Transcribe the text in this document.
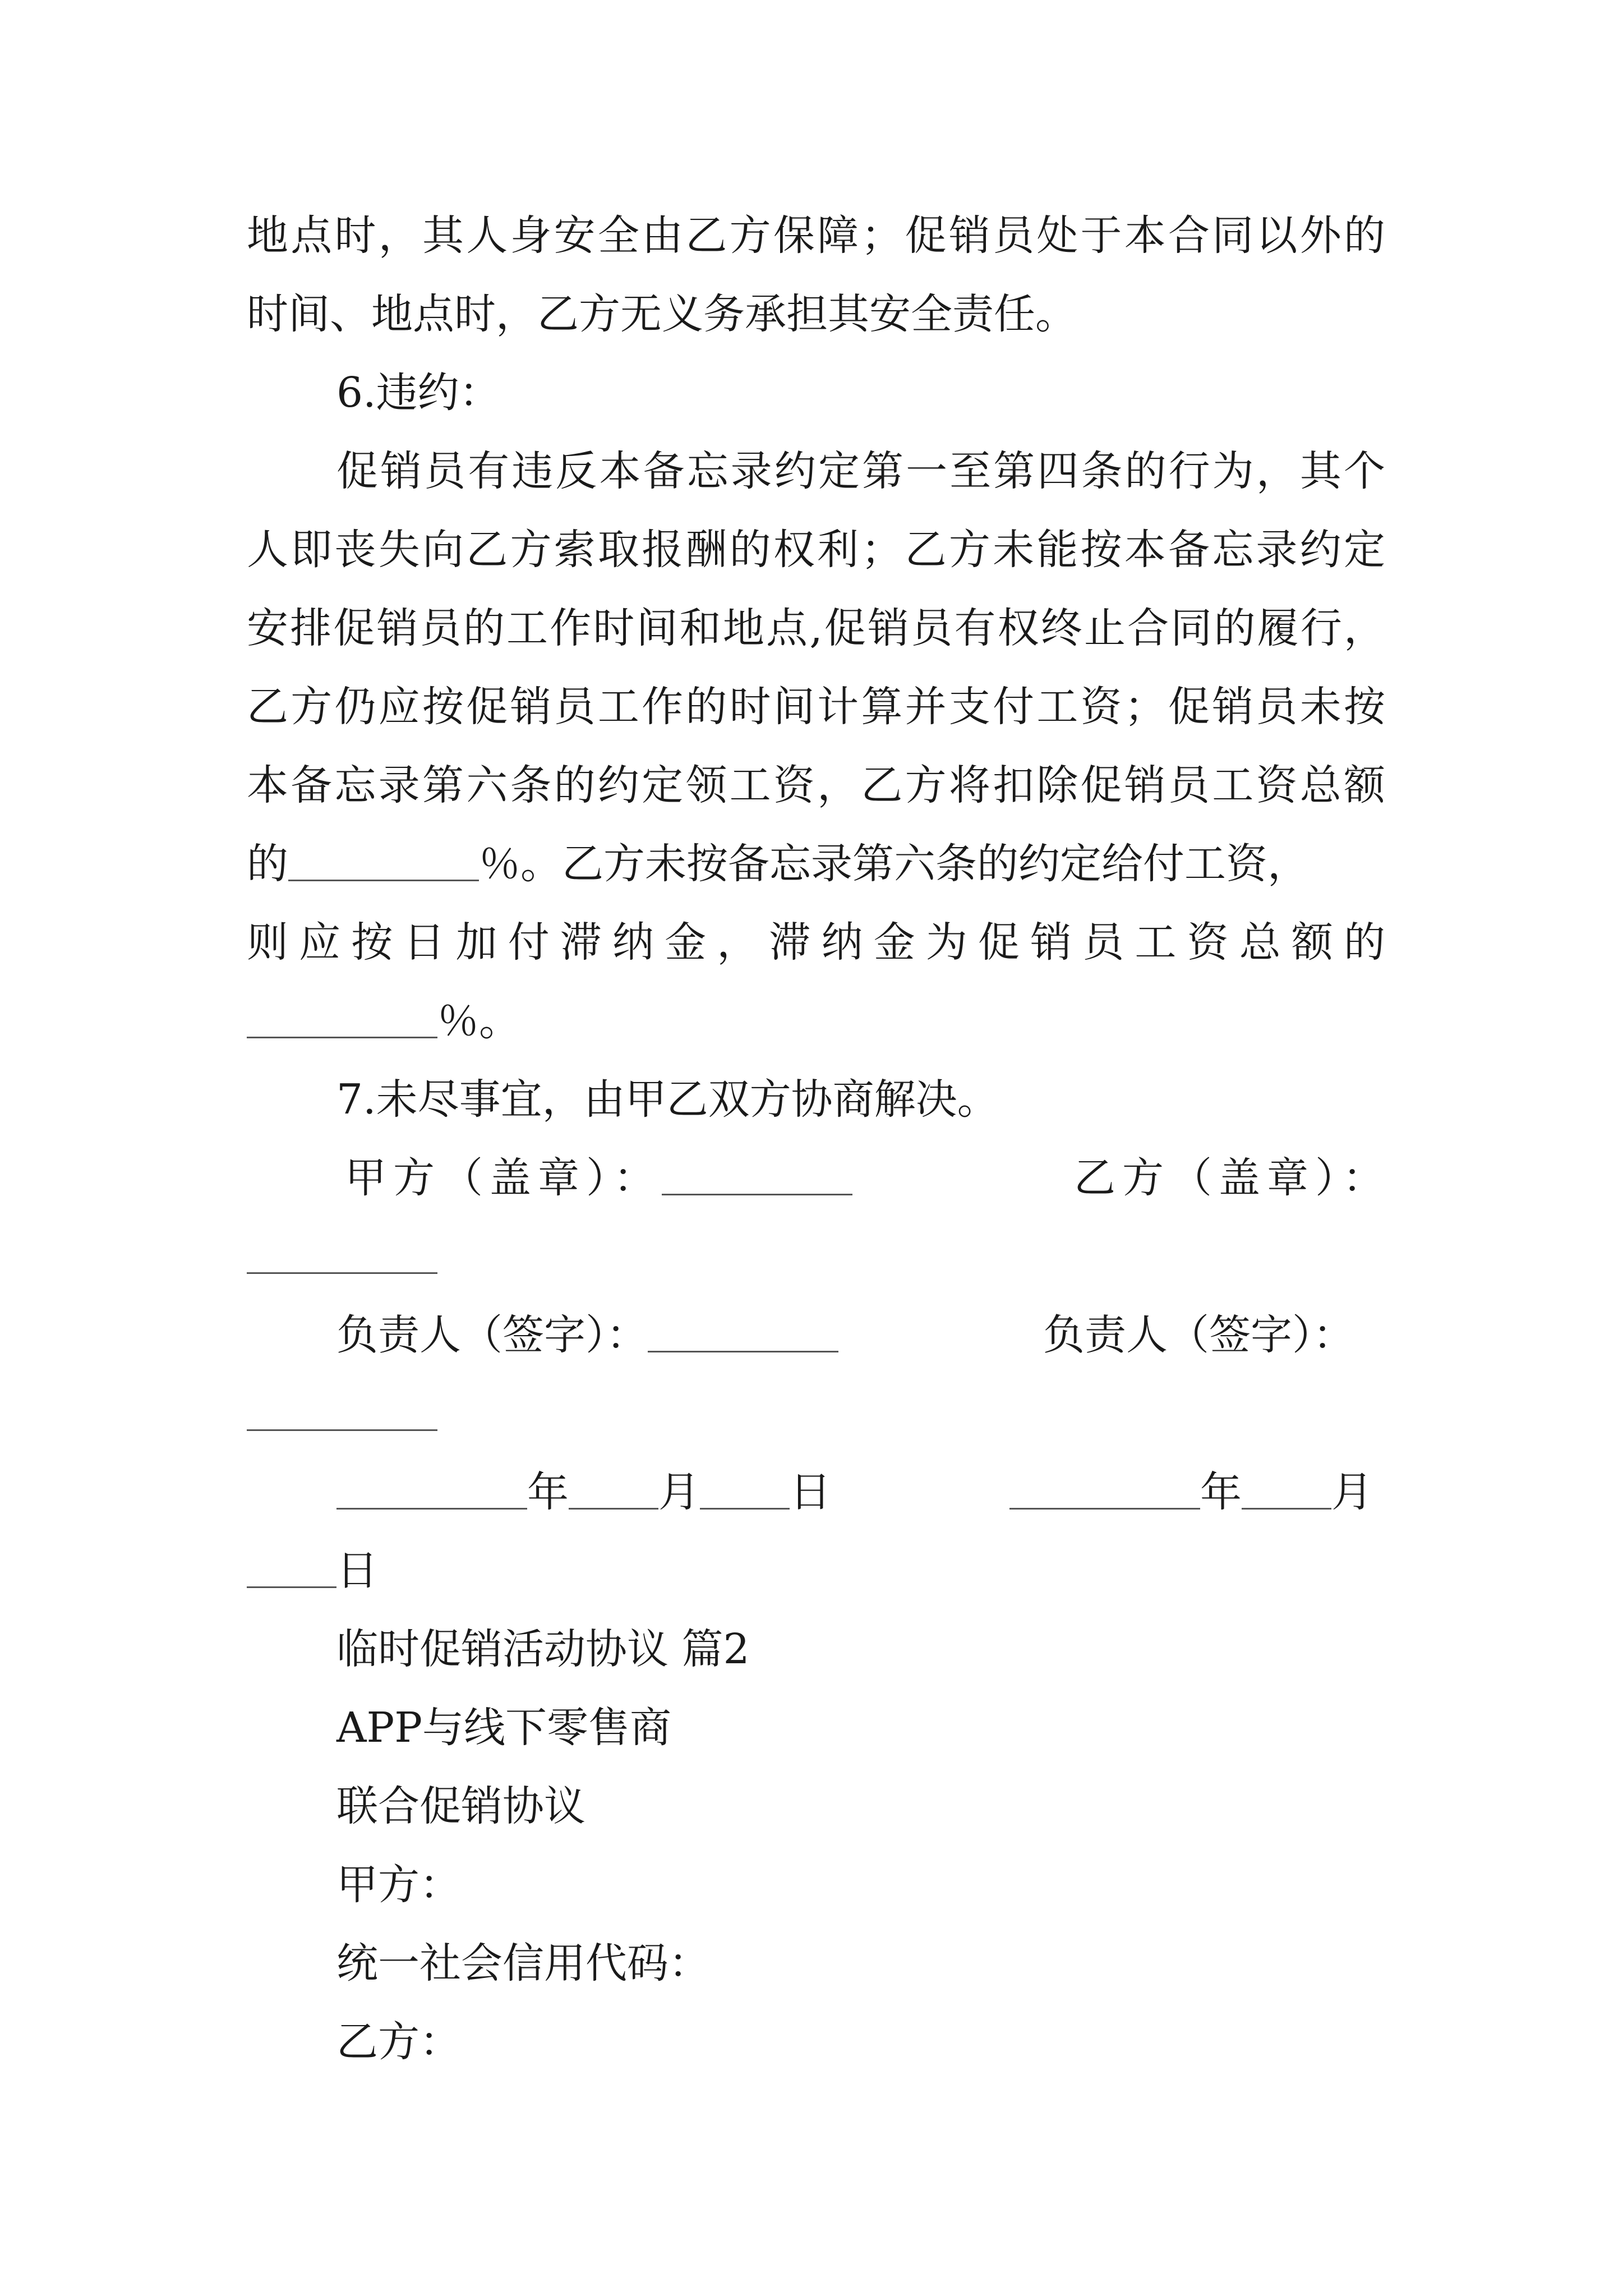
地点时，其人身安全由乙方保障；促销员处于本合同以外的
时间、地点时，乙方无义务承担其安全责任。
6.违约：
促销员有违反本备忘录约定第一至第四条的行为，其个
人即丧失向乙方索取报酬的权利；乙方未能按本备忘录约定
安排促销员的工作时间和地点,促销员有权终止合同的履行，
乙方仍应按促销员工作的时间计算并支付工资；促销员未按
本备忘录第六条的约定领工资，乙方将扣除促销员工资总额
的	％。乙方未按备忘录第六条的约定给付工资，
则应按日加付滞纳金，滞纳金为促销员工资总额的
％。
7.未尽事宜，由甲乙双方协商解决。
甲方（盖章）：	乙方（盖章）：
负责人（签字）：	负责人（签字）：
年 月 日	年 月
日
临时促销活动协议 篇2
APP与线下零售商
联合促销协议
甲方：
统一社会信用代码：
乙方：
